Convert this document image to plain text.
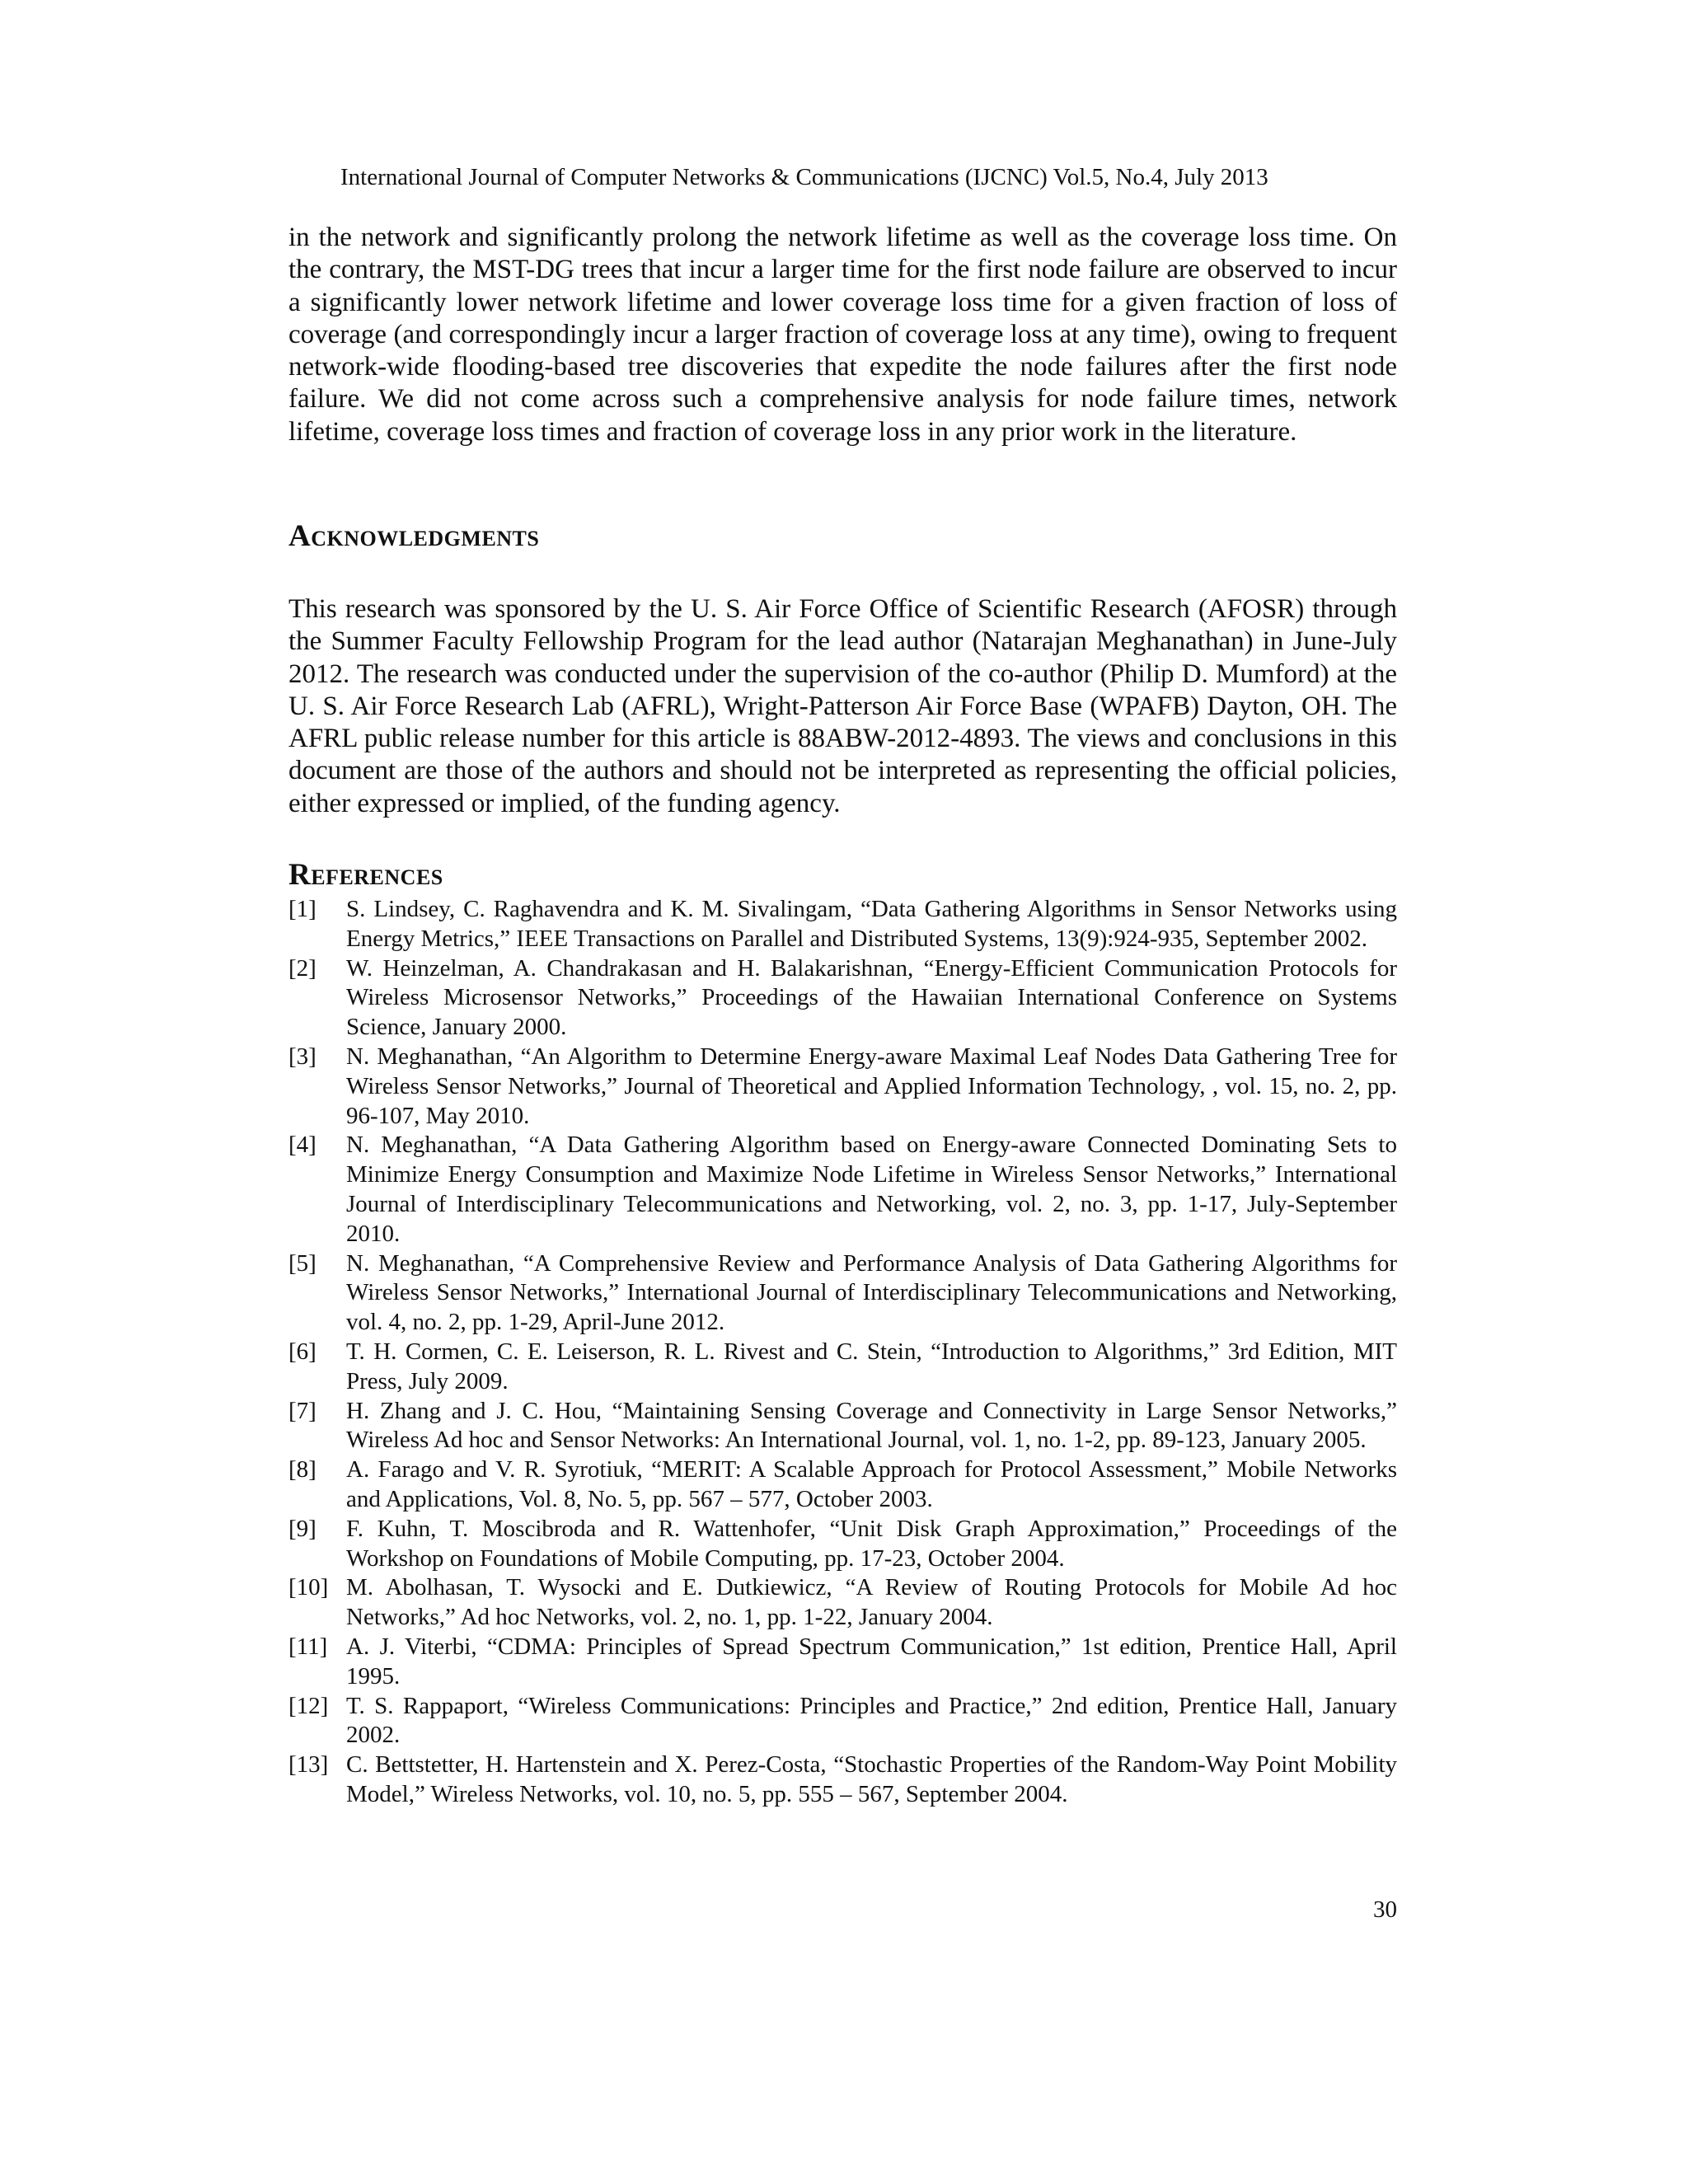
International Journal of Computer Networks & Communications (IJCNC) Vol.5, No.4, July 2013

in the network and significantly prolong the network lifetime as well as the coverage loss time. On the contrary, the MST-DG trees that incur a larger time for the first node failure are observed to incur a significantly lower network lifetime and lower coverage loss time for a given fraction of loss of coverage (and correspondingly incur a larger fraction of coverage loss at any time), owing to frequent network-wide flooding-based tree discoveries that expedite the node failures after the first node failure. We did not come across such a comprehensive analysis for node failure times, network lifetime, coverage loss times and fraction of coverage loss in any prior work in the literature.

Acknowledgments

This research was sponsored by the U. S. Air Force Office of Scientific Research (AFOSR) through the Summer Faculty Fellowship Program for the lead author (Natarajan Meghanathan) in June-July 2012. The research was conducted under the supervision of the co-author (Philip D. Mumford) at the U. S. Air Force Research Lab (AFRL), Wright-Patterson Air Force Base (WPAFB) Dayton, OH. The AFRL public release number for this article is 88ABW-2012-4893. The views and conclusions in this document are those of the authors and should not be interpreted as representing the official policies, either expressed or implied, of the funding agency.

References
[1] S. Lindsey, C. Raghavendra and K. M. Sivalingam, “Data Gathering Algorithms in Sensor Networks using Energy Metrics,” IEEE Transactions on Parallel and Distributed Systems, 13(9):924-935, September 2002.
[2] W. Heinzelman, A. Chandrakasan and H. Balakarishnan, “Energy-Efficient Communication Protocols for Wireless Microsensor Networks,” Proceedings of the Hawaiian International Conference on Systems Science, January 2000.
[3] N. Meghanathan, “An Algorithm to Determine Energy-aware Maximal Leaf Nodes Data Gathering Tree for Wireless Sensor Networks,” Journal of Theoretical and Applied Information Technology, , vol. 15, no. 2, pp. 96-107, May 2010.
[4] N. Meghanathan, “A Data Gathering Algorithm based on Energy-aware Connected Dominating Sets to Minimize Energy Consumption and Maximize Node Lifetime in Wireless Sensor Networks,” International Journal of Interdisciplinary Telecommunications and Networking, vol. 2, no. 3, pp. 1-17, July-September 2010.
[5] N. Meghanathan, “A Comprehensive Review and Performance Analysis of Data Gathering Algorithms for Wireless Sensor Networks,” International Journal of Interdisciplinary Telecommunications and Networking, vol. 4, no. 2, pp. 1-29, April-June 2012.
[6] T. H. Cormen, C. E. Leiserson, R. L. Rivest and C. Stein, “Introduction to Algorithms,” 3rd Edition, MIT Press, July 2009.
[7] H. Zhang and J. C. Hou, “Maintaining Sensing Coverage and Connectivity in Large Sensor Networks,” Wireless Ad hoc and Sensor Networks: An International Journal, vol. 1, no. 1-2, pp. 89-123, January 2005.
[8] A. Farago and V. R. Syrotiuk, “MERIT: A Scalable Approach for Protocol Assessment,” Mobile Networks and Applications, Vol. 8, No. 5, pp. 567 – 577, October 2003.
[9] F. Kuhn, T. Moscibroda and R. Wattenhofer, “Unit Disk Graph Approximation,” Proceedings of the Workshop on Foundations of Mobile Computing, pp. 17-23, October 2004.
[10] M. Abolhasan, T. Wysocki and E. Dutkiewicz, “A Review of Routing Protocols for Mobile Ad hoc Networks,” Ad hoc Networks, vol. 2, no. 1, pp. 1-22, January 2004.
[11] A. J. Viterbi, “CDMA: Principles of Spread Spectrum Communication,” 1st edition, Prentice Hall, April 1995.
[12] T. S. Rappaport, “Wireless Communications: Principles and Practice,” 2nd edition, Prentice Hall, January 2002.
[13] C. Bettstetter, H. Hartenstein and X. Perez-Costa, “Stochastic Properties of the Random-Way Point Mobility Model,” Wireless Networks, vol. 10, no. 5, pp. 555 – 567, September 2004.
30
